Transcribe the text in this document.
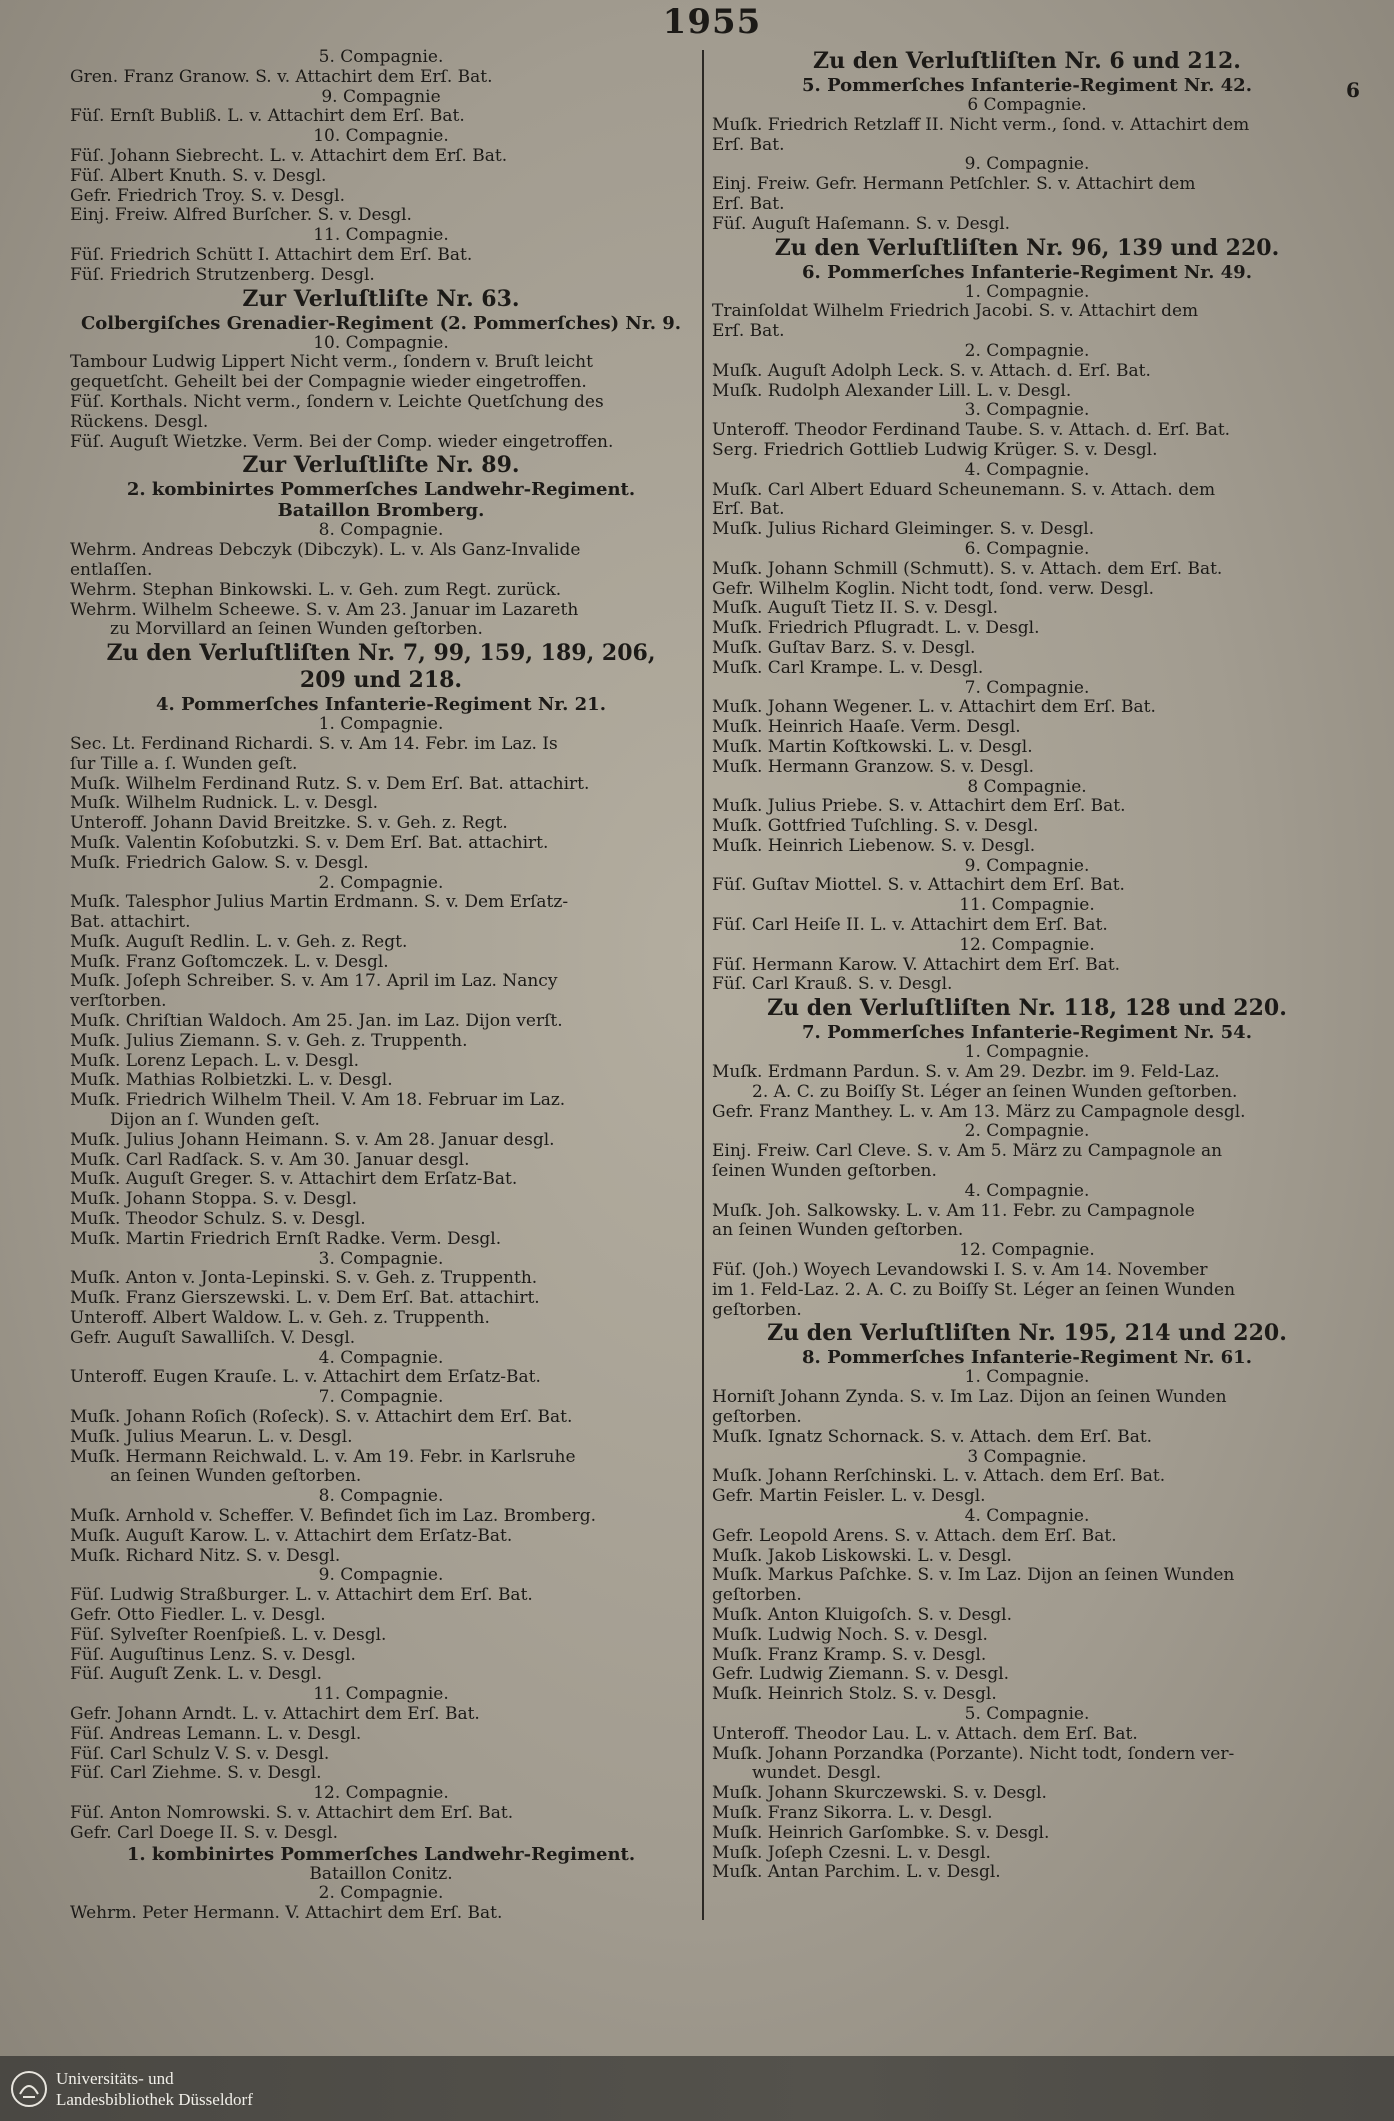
1955
6
5. Compagnie.
Gren. Franz Granow. S. v. Attachirt dem Erſ. Bat.
9. Compagnie
Füſ. Ernſt Bubliß. L. v. Attachirt dem Erſ. Bat.
10. Compagnie.
Füſ. Johann Siebrecht. L. v. Attachirt dem Erſ. Bat.
Füſ. Albert Knuth. S. v. Desgl.
Gefr. Friedrich Troy. S. v. Desgl.
Einj. Freiw. Alfred Burſcher. S. v. Desgl.
11. Compagnie.
Füſ. Friedrich Schütt I. Attachirt dem Erſ. Bat.
Füſ. Friedrich Strutzenberg. Desgl.
Zur Verluſtliſte Nr. 63.
Colbergiſches Grenadier-Regiment (2. Pommerſches) Nr. 9.
10. Compagnie.
Tambour Ludwig Lippert Nicht verm., ſondern v. Bruſt leicht
gequetſcht. Geheilt bei der Compagnie wieder eingetroffen.
Füſ. Korthals. Nicht verm., ſondern v. Leichte Quetſchung des
Rückens. Desgl.
Füſ. Auguſt Wietzke. Verm. Bei der Comp. wieder eingetroffen.
Zur Verluſtliſte Nr. 89.
2. kombinirtes Pommerſches Landwehr-Regiment.
Bataillon Bromberg.
8. Compagnie.
Wehrm. Andreas Debczyk (Dibczyk). L. v. Als Ganz-Invalide
entlaſſen.
Wehrm. Stephan Binkowski. L. v. Geh. zum Regt. zurück.
Wehrm. Wilhelm Scheewe. S. v. Am 23. Januar im Lazareth
zu Morvillard an ſeinen Wunden geſtorben.
Zu den Verluſtliſten Nr. 7, 99, 159, 189, 206,
209 und 218.
4. Pommerſches Infanterie-Regiment Nr. 21.
1. Compagnie.
Sec. Lt. Ferdinand Richardi. S. v. Am 14. Febr. im Laz. Is
ſur Tille a. ſ. Wunden geſt.
Muſk. Wilhelm Ferdinand Rutz. S. v. Dem Erſ. Bat. attachirt.
Muſk. Wilhelm Rudnick. L. v. Desgl.
Unteroff. Johann David Breitzke. S. v. Geh. z. Regt.
Muſk. Valentin Koſobutzki. S. v. Dem Erſ. Bat. attachirt.
Muſk. Friedrich Galow. S. v. Desgl.
2. Compagnie.
Muſk. Talesphor Julius Martin Erdmann. S. v. Dem Erſatz-
Bat. attachirt.
Muſk. Auguſt Redlin. L. v. Geh. z. Regt.
Muſk. Franz Goſtomczek. L. v. Desgl.
Muſk. Joſeph Schreiber. S. v. Am 17. April im Laz. Nancy
verſtorben.
Muſk. Chriſtian Waldoch. Am 25. Jan. im Laz. Dijon verſt.
Muſk. Julius Ziemann. S. v. Geh. z. Truppenth.
Muſk. Lorenz Lepach. L. v. Desgl.
Muſk. Mathias Rolbietzki. L. v. Desgl.
Muſk. Friedrich Wilhelm Theil. V. Am 18. Februar im Laz.
Dijon an ſ. Wunden geſt.
Muſk. Julius Johann Heimann. S. v. Am 28. Januar desgl.
Muſk. Carl Radſack. S. v. Am 30. Januar desgl.
Muſk. Auguſt Greger. S. v. Attachirt dem Erſatz-Bat.
Muſk. Johann Stoppa. S. v. Desgl.
Muſk. Theodor Schulz. S. v. Desgl.
Muſk. Martin Friedrich Ernſt Radke. Verm. Desgl.
3. Compagnie.
Muſk. Anton v. Jonta-Lepinski. S. v. Geh. z. Truppenth.
Muſk. Franz Gierszewski. L. v. Dem Erſ. Bat. attachirt.
Unteroff. Albert Waldow. L. v. Geh. z. Truppenth.
Gefr. Auguſt Sawalliſch. V. Desgl.
4. Compagnie.
Unteroff. Eugen Krauſe. L. v. Attachirt dem Erſatz-Bat.
7. Compagnie.
Muſk. Johann Roſich (Roſeck). S. v. Attachirt dem Erſ. Bat.
Muſk. Julius Mearun. L. v. Desgl.
Muſk. Hermann Reichwald. L. v. Am 19. Febr. in Karlsruhe
an ſeinen Wunden geſtorben.
8. Compagnie.
Muſk. Arnhold v. Scheffer. V. Befindet ſich im Laz. Bromberg.
Muſk. Auguſt Karow. L. v. Attachirt dem Erſatz-Bat.
Muſk. Richard Nitz. S. v. Desgl.
9. Compagnie.
Füſ. Ludwig Straßburger. L. v. Attachirt dem Erſ. Bat.
Gefr. Otto Fiedler. L. v. Desgl.
Füſ. Sylveſter Roenſpieß. L. v. Desgl.
Füſ. Auguſtinus Lenz. S. v. Desgl.
Füſ. Auguſt Zenk. L. v. Desgl.
11. Compagnie.
Gefr. Johann Arndt. L. v. Attachirt dem Erſ. Bat.
Füſ. Andreas Lemann. L. v. Desgl.
Füſ. Carl Schulz V. S. v. Desgl.
Füſ. Carl Ziehme. S. v. Desgl.
12. Compagnie.
Füſ. Anton Nomrowski. S. v. Attachirt dem Erſ. Bat.
Gefr. Carl Doege II. S. v. Desgl.
1. kombinirtes Pommerſches Landwehr-Regiment.
Bataillon Conitz.
2. Compagnie.
Wehrm. Peter Hermann. V. Attachirt dem Erſ. Bat.
Zu den Verluſtliſten Nr. 6 und 212.
5. Pommerſches Infanterie-Regiment Nr. 42.
6 Compagnie.
Muſk. Friedrich Retzlaff II. Nicht verm., ſond. v. Attachirt dem
Erſ. Bat.
9. Compagnie.
Einj. Freiw. Gefr. Hermann Petſchler. S. v. Attachirt dem
Erſ. Bat.
Füſ. Auguſt Haſemann. S. v. Desgl.
Zu den Verluſtliſten Nr. 96, 139 und 220.
6. Pommerſches Infanterie-Regiment Nr. 49.
1. Compagnie.
Trainſoldat Wilhelm Friedrich Jacobi. S. v. Attachirt dem
Erſ. Bat.
2. Compagnie.
Muſk. Auguſt Adolph Leck. S. v. Attach. d. Erſ. Bat.
Muſk. Rudolph Alexander Lill. L. v. Desgl.
3. Compagnie.
Unteroff. Theodor Ferdinand Taube. S. v. Attach. d. Erſ. Bat.
Serg. Friedrich Gottlieb Ludwig Krüger. S. v. Desgl.
4. Compagnie.
Muſk. Carl Albert Eduard Scheunemann. S. v. Attach. dem
Erſ. Bat.
Muſk. Julius Richard Gleiminger. S. v. Desgl.
6. Compagnie.
Muſk. Johann Schmill (Schmutt). S. v. Attach. dem Erſ. Bat.
Gefr. Wilhelm Koglin. Nicht todt, ſond. verw. Desgl.
Muſk. Auguſt Tietz II. S. v. Desgl.
Muſk. Friedrich Pflugradt. L. v. Desgl.
Muſk. Guſtav Barz. S. v. Desgl.
Muſk. Carl Krampe. L. v. Desgl.
7. Compagnie.
Muſk. Johann Wegener. L. v. Attachirt dem Erſ. Bat.
Muſk. Heinrich Haaſe. Verm. Desgl.
Muſk. Martin Koſtkowski. L. v. Desgl.
Muſk. Hermann Granzow. S. v. Desgl.
8 Compagnie.
Muſk. Julius Priebe. S. v. Attachirt dem Erſ. Bat.
Muſk. Gottfried Tuſchling. S. v. Desgl.
Muſk. Heinrich Liebenow. S. v. Desgl.
9. Compagnie.
Füſ. Guſtav Miottel. S. v. Attachirt dem Erſ. Bat.
11. Compagnie.
Füſ. Carl Heiſe II. L. v. Attachirt dem Erſ. Bat.
12. Compagnie.
Füſ. Hermann Karow. V. Attachirt dem Erſ. Bat.
Füſ. Carl Krauß. S. v. Desgl.
Zu den Verluſtliſten Nr. 118, 128 und 220.
7. Pommerſches Infanterie-Regiment Nr. 54.
1. Compagnie.
Muſk. Erdmann Pardun. S. v. Am 29. Dezbr. im 9. Feld-Laz.
2. A. C. zu Boiſſy St. Léger an ſeinen Wunden geſtorben.
Gefr. Franz Manthey. L. v. Am 13. März zu Campagnole desgl.
2. Compagnie.
Einj. Freiw. Carl Cleve. S. v. Am 5. März zu Campagnole an
ſeinen Wunden geſtorben.
4. Compagnie.
Muſk. Joh. Salkowsky. L. v. Am 11. Febr. zu Campagnole
an ſeinen Wunden geſtorben.
12. Compagnie.
Füſ. (Joh.) Woyech Levandowski I. S. v. Am 14. November
im 1. Feld-Laz. 2. A. C. zu Boiſſy St. Léger an ſeinen Wunden
geſtorben.
Zu den Verluſtliſten Nr. 195, 214 und 220.
8. Pommerſches Infanterie-Regiment Nr. 61.
1. Compagnie.
Horniſt Johann Zynda. S. v. Im Laz. Dijon an ſeinen Wunden
geſtorben.
Muſk. Ignatz Schornack. S. v. Attach. dem Erſ. Bat.
3 Compagnie.
Muſk. Johann Rerſchinski. L. v. Attach. dem Erſ. Bat.
Gefr. Martin Feisler. L. v. Desgl.
4. Compagnie.
Gefr. Leopold Arens. S. v. Attach. dem Erſ. Bat.
Muſk. Jakob Liskowski. L. v. Desgl.
Muſk. Markus Paſchke. S. v. Im Laz. Dijon an ſeinen Wunden
geſtorben.
Muſk. Anton Kluigoſch. S. v. Desgl.
Muſk. Ludwig Noch. S. v. Desgl.
Muſk. Franz Kramp. S. v. Desgl.
Gefr. Ludwig Ziemann. S. v. Desgl.
Muſk. Heinrich Stolz. S. v. Desgl.
5. Compagnie.
Unteroff. Theodor Lau. L. v. Attach. dem Erſ. Bat.
Muſk. Johann Porzandka (Porzante). Nicht todt, ſondern ver-
wundet. Desgl.
Muſk. Johann Skurczewski. S. v. Desgl.
Muſk. Franz Sikorra. L. v. Desgl.
Muſk. Heinrich Garſombke. S. v. Desgl.
Muſk. Joſeph Czesni. L. v. Desgl.
Muſk. Antan Parchim. L. v. Desgl.
Universitäts- und
Landesbibliothek Düsseldorf
